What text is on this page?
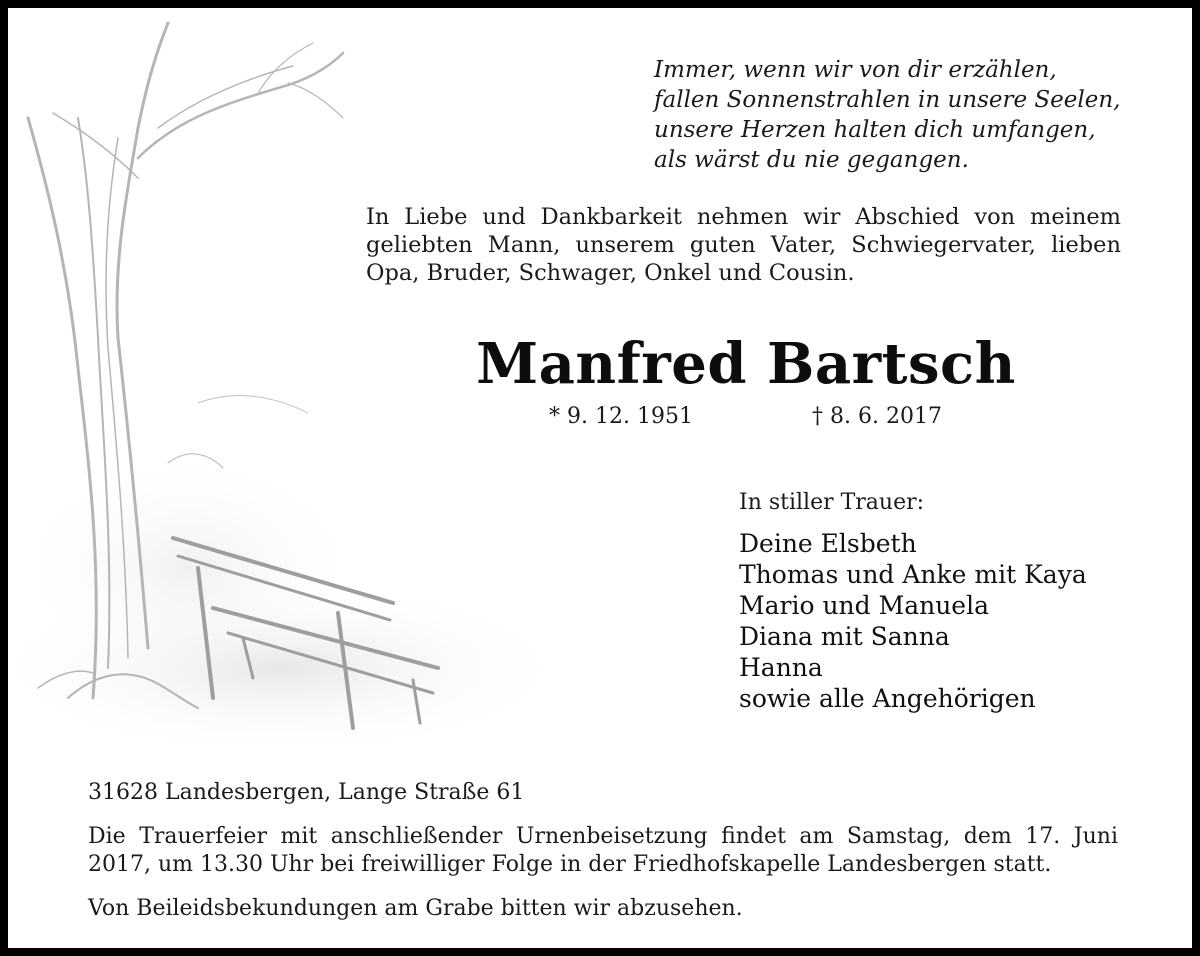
Immer, wenn wir von dir erzählen,
fallen Sonnenstrahlen in unsere Seelen,
unsere Herzen halten dich umfangen,
als wärst du nie gegangen.
In Liebe und Dankbarkeit nehmen wir Abschied von meinem geliebten Mann, unserem guten Vater, Schwiegervater, lieben Opa, Bruder, Schwager, Onkel und Cousin.
Manfred Bartsch
* 9. 12. 1951	† 8. 6. 2017
In stiller Trauer:
Deine Elsbeth
Thomas und Anke mit Kaya
Mario und Manuela
Diana mit Sanna
Hanna
sowie alle Angehörigen
31628 Landesbergen, Lange Straße 61
Die Trauerfeier mit anschließender Urnenbeisetzung findet am Samstag, dem 17. Juni 2017, um 13.30 Uhr bei freiwilliger Folge in der Friedhofskapelle Landesbergen statt.
Von Beileidsbekundungen am Grabe bitten wir abzusehen.
